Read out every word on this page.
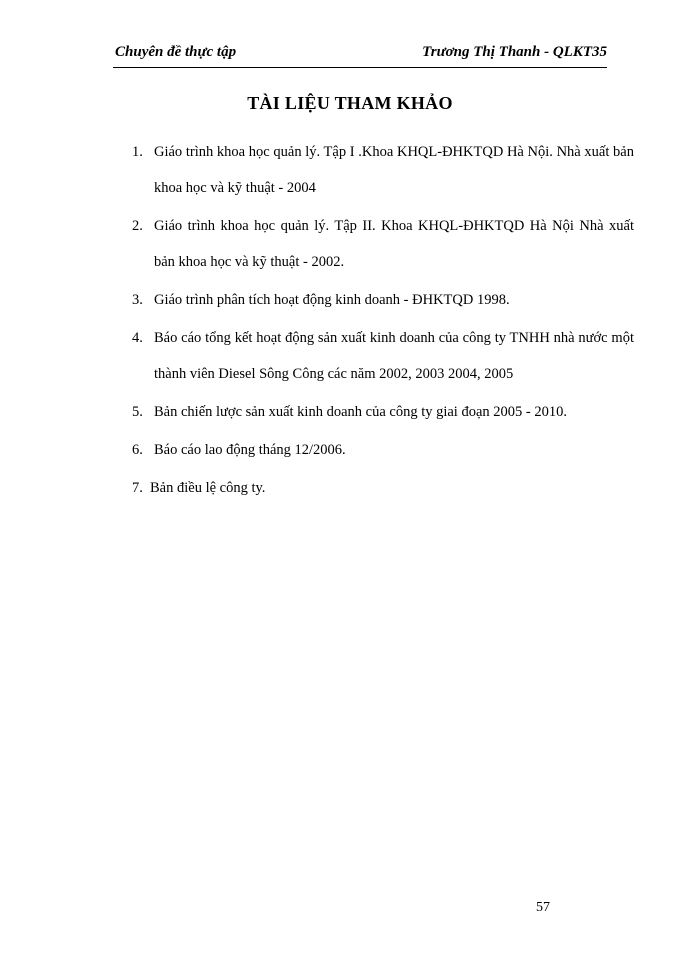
Chuyên đề thực tập	Trương Thị Thanh - QLKT35
TÀI LIỆU THAM KHẢO
1. Giáo trình khoa học quản lý. Tập I .Khoa KHQL-ĐHKTQD Hà Nội. Nhà xuất bản khoa học và kỹ thuật - 2004
2. Giáo trình khoa học quản lý. Tập II. Khoa KHQL-ĐHKTQD Hà Nội Nhà xuất bản khoa học và kỹ thuật - 2002.
3. Giáo trình phân tích hoạt động kinh doanh - ĐHKTQD 1998.
4. Báo cáo tổng kết hoạt động sản xuất kinh doanh của công ty TNHH nhà nước một thành viên Diesel Sông Công các năm 2002, 2003 2004, 2005
5. Bản chiến lược sản xuất kinh doanh của công ty giai đoạn 2005 - 2010.
6. Báo cáo lao động tháng 12/2006.
7. Bản điều lệ công ty.
57
